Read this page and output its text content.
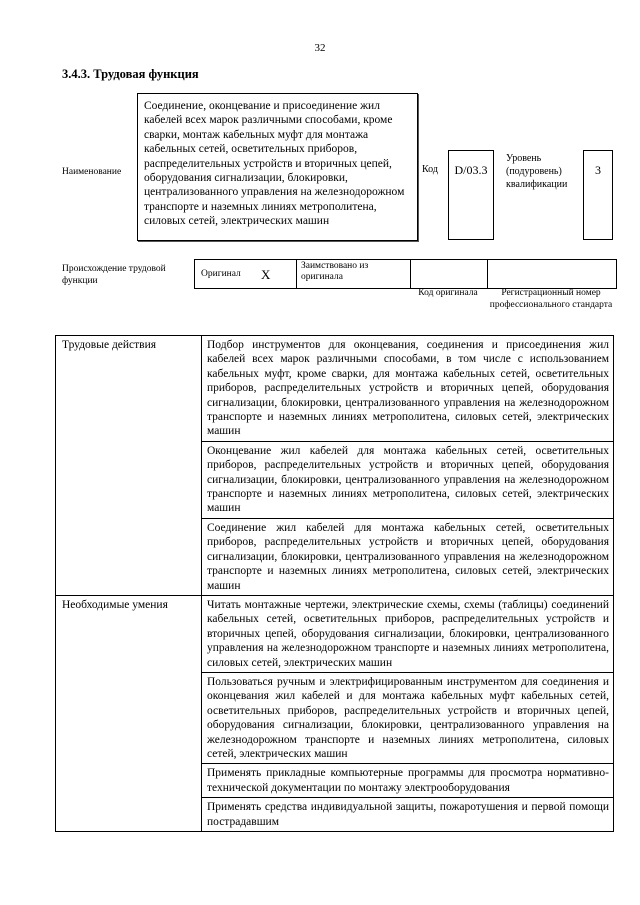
32
3.4.3. Трудовая функция
Наименование
Соединение, оконцевание и присоединение жил кабелей всех марок различными способами, кроме сварки, монтаж кабельных муфт для монтажа кабельных сетей, осветительных приборов, распределительных устройств и вторичных цепей, оборудования сигнализации, блокировки, централизованного управления на железнодорожном транспорте и наземных линиях метрополитена, силовых сетей, электрических машин
Код	D/03.3
Уровень (подуровень) квалификации
3
Происхождение трудовой функции
Оригинал	X	Заимствовано из оригинала		
Код оригинала	Регистрационный номер профессионального стандарта
Трудовые действия	Подбор инструментов для оконцевания, соединения и присоединения жил кабелей всех марок различными способами, в том числе с использованием кабельных муфт, кроме сварки, для монтажа кабельных сетей, осветительных приборов, распределительных устройств и вторичных цепей, оборудования сигнализации, блокировки, централизованного управления на железнодорожном транспорте и наземных линиях метрополитена, силовых сетей, электрических машин
	Оконцевание жил кабелей для монтажа кабельных сетей, осветительных приборов, распределительных устройств и вторичных цепей, оборудования сигнализации, блокировки, централизованного управления на железнодорожном транспорте и наземных линиях метрополитена, силовых сетей, электрических машин
	Соединение жил кабелей для монтажа кабельных сетей, осветительных приборов, распределительных устройств и вторичных цепей, оборудования сигнализации, блокировки, централизованного управления на железнодорожном транспорте и наземных линиях метрополитена, силовых сетей, электрических машин
Необходимые умения	Читать монтажные чертежи, электрические схемы, схемы (таблицы) соединений кабельных сетей, осветительных приборов, распределительных устройств и вторичных цепей, оборудования сигнализации, блокировки, централизованного управления на железнодорожном транспорте и наземных линиях метрополитена, силовых сетей, электрических машин
	Пользоваться ручным и электрифицированным инструментом для соединения и оконцевания жил кабелей и для монтажа кабельных муфт кабельных сетей, осветительных приборов, распределительных устройств и вторичных цепей, оборудования сигнализации, блокировки, централизованного управления на железнодорожном транспорте и наземных линиях метрополитена, силовых сетей, электрических машин
	Применять прикладные компьютерные программы для просмотра нормативно-технической документации по монтажу электрооборудования
	Применять средства индивидуальной защиты, пожаротушения и первой помощи пострадавшим
